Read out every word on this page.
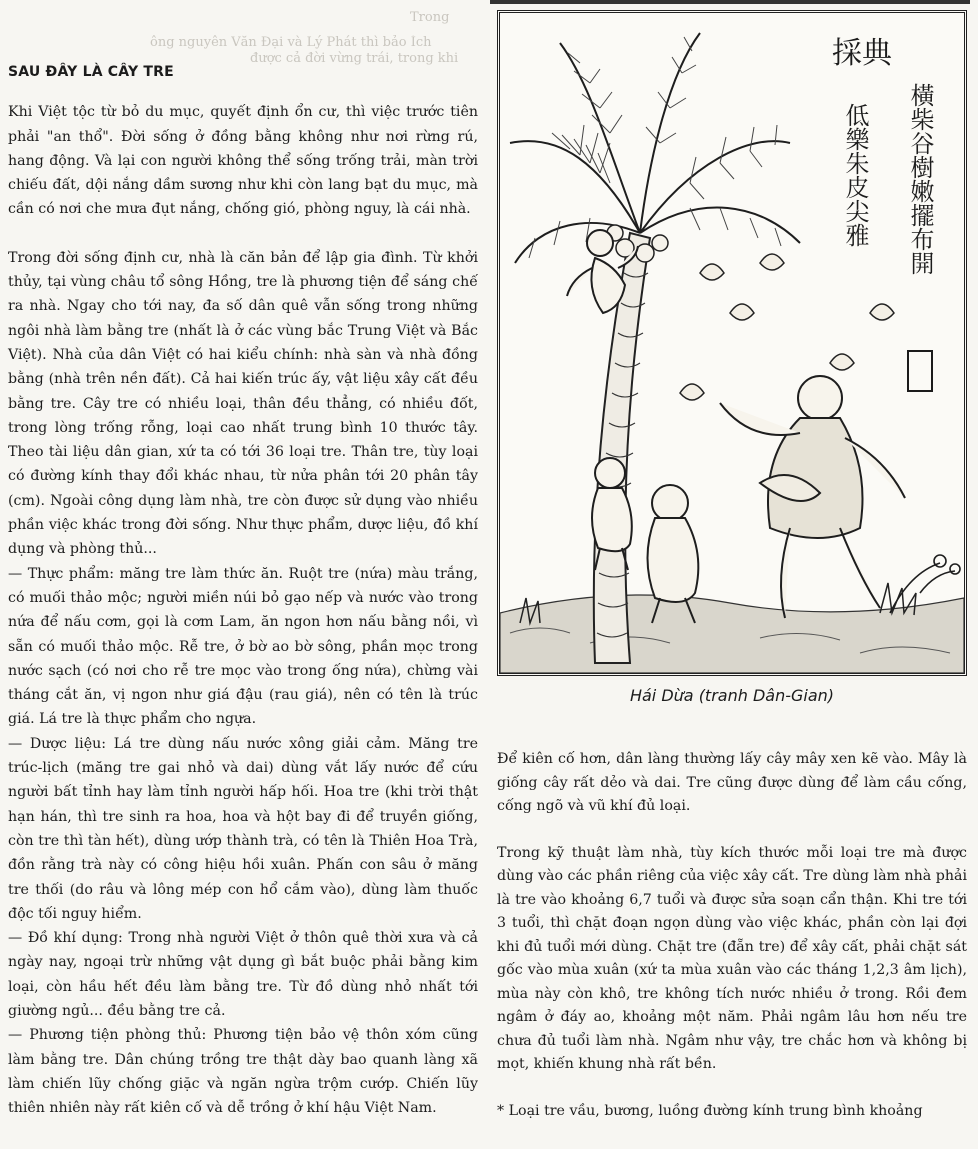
Trong
ông nguyên Văn Đại và Lý Phát thì bảo Ích
được cả đời vừng trái, trong khi
SAU ĐÂY LÀ CÂY TRE

Khi Việt tộc từ bỏ du mục, quyết định ổn cư, thì việc trước tiên phải "an thổ". Đời sống ở đồng bằng không như nơi rừng rú, hang động. Và lại con người không thể sống trống trải, màn trời chiếu đất, dội nắng dầm sương như khi còn lang bạt du mục, mà cần có nơi che mưa đụt nắng, chống gió, phòng nguy, là cái nhà.

Trong đời sống định cư, nhà là căn bản để lập gia đình. Từ khởi thủy, tại vùng châu tổ sông Hồng, tre là phương tiện để sáng chế ra nhà. Ngay cho tới nay, đa số dân quê vẫn sống trong những ngôi nhà làm bằng tre (nhất là ở các vùng bắc Trung Việt và Bắc Việt). Nhà của dân Việt có hai kiểu chính: nhà sàn và nhà đồng bằng (nhà trên nền đất). Cả hai kiến trúc ấy, vật liệu xây cất đều bằng tre. Cây tre có nhiều loại, thân đều thẳng, có nhiều đốt, trong lòng trống rỗng, loại cao nhất trung bình 10 thước tây. Theo tài liệu dân gian, xứ ta có tới 36 loại tre. Thân tre, tùy loại có đường kính thay đổi khác nhau, từ nửa phân tới 20 phân tây (cm). Ngoài công dụng làm nhà, tre còn được sử dụng vào nhiều phần việc khác trong đời sống. Như thực phẩm, dược liệu, đồ khí dụng và phòng thủ...

— Thực phẩm: măng tre làm thức ăn. Ruột tre (nứa) màu trắng, có muối thảo mộc; người miền núi bỏ gạo nếp và nước vào trong nứa để nấu cơm, gọi là cơm Lam, ăn ngon hơn nấu bằng nồi, vì sẵn có muối thảo mộc. Rễ tre, ở bờ ao bờ sông, phần mọc trong nước sạch (có nơi cho rễ tre mọc vào trong ống nứa), chừng vài tháng cắt ăn, vị ngon như giá đậu (rau giá), nên có tên là trúc giá. Lá tre là thực phẩm cho ngựa.

— Dược liệu: Lá tre dùng nấu nước xông giải cảm. Măng tre trúc-lịch (măng tre gai nhỏ và dai) dùng vắt lấy nước để cứu người bất tỉnh hay làm tỉnh người hấp hối. Hoa tre (khi trời thật hạn hán, thì tre sinh ra hoa, hoa và hột bay đi để truyền giống, còn tre thì tàn hết), dùng ướp thành trà, có tên là Thiên Hoa Trà, đồn rằng trà này có công hiệu hồi xuân. Phấn con sâu ở măng tre thối (do râu và lông mép con hổ cắm vào), dùng làm thuốc độc tối nguy hiểm.

— Đồ khí dụng: Trong nhà người Việt ở thôn quê thời xưa và cả ngày nay, ngoại trừ những vật dụng gì bắt buộc phải bằng kim loại, còn hầu hết đều làm bằng tre. Từ đồ dùng nhỏ nhất tới giường ngủ... đều bằng tre cả.

— Phương tiện phòng thủ: Phương tiện bảo vệ thôn xóm cũng làm bằng tre. Dân chúng trồng tre thật dày bao quanh làng xã làm chiến lũy chống giặc và ngăn ngừa trộm cướp. Chiến lũy thiên nhiên này rất kiên cố và dễ trồng ở khí hậu Việt Nam.

採典
低樂朱皮尖雅 橫柴谷樹嫩擺布開
Hái Dừa (tranh Dân-Gian)

Để kiên cố hơn, dân làng thường lấy cây mây xen kẽ vào. Mây là giống cây rất dẻo và dai. Tre cũng được dùng để làm cầu cống, cống ngõ và vũ khí đủ loại.

Trong kỹ thuật làm nhà, tùy kích thước mỗi loại tre mà được dùng vào các phần riêng của việc xây cất. Tre dùng làm nhà phải là tre vào khoảng 6,7 tuổi và được sửa soạn cẩn thận. Khi tre tới 3 tuổi, thì chặt đoạn ngọn dùng vào việc khác, phần còn lại đợi khi đủ tuổi mới dùng. Chặt tre (đẵn tre) để xây cất, phải chặt sát gốc vào mùa xuân (xứ ta mùa xuân vào các tháng 1,2,3 âm lịch), mùa này còn khô, tre không tích nước nhiều ở trong. Rồi đem ngâm ở đáy ao, khoảng một năm. Phải ngâm lâu hơn nếu tre chưa đủ tuổi làm nhà. Ngâm như vậy, tre chắc hơn và không bị mọt, khiến khung nhà rất bền.

* Loại tre vầu, bương, luồng đường kính trung bình khoảng
